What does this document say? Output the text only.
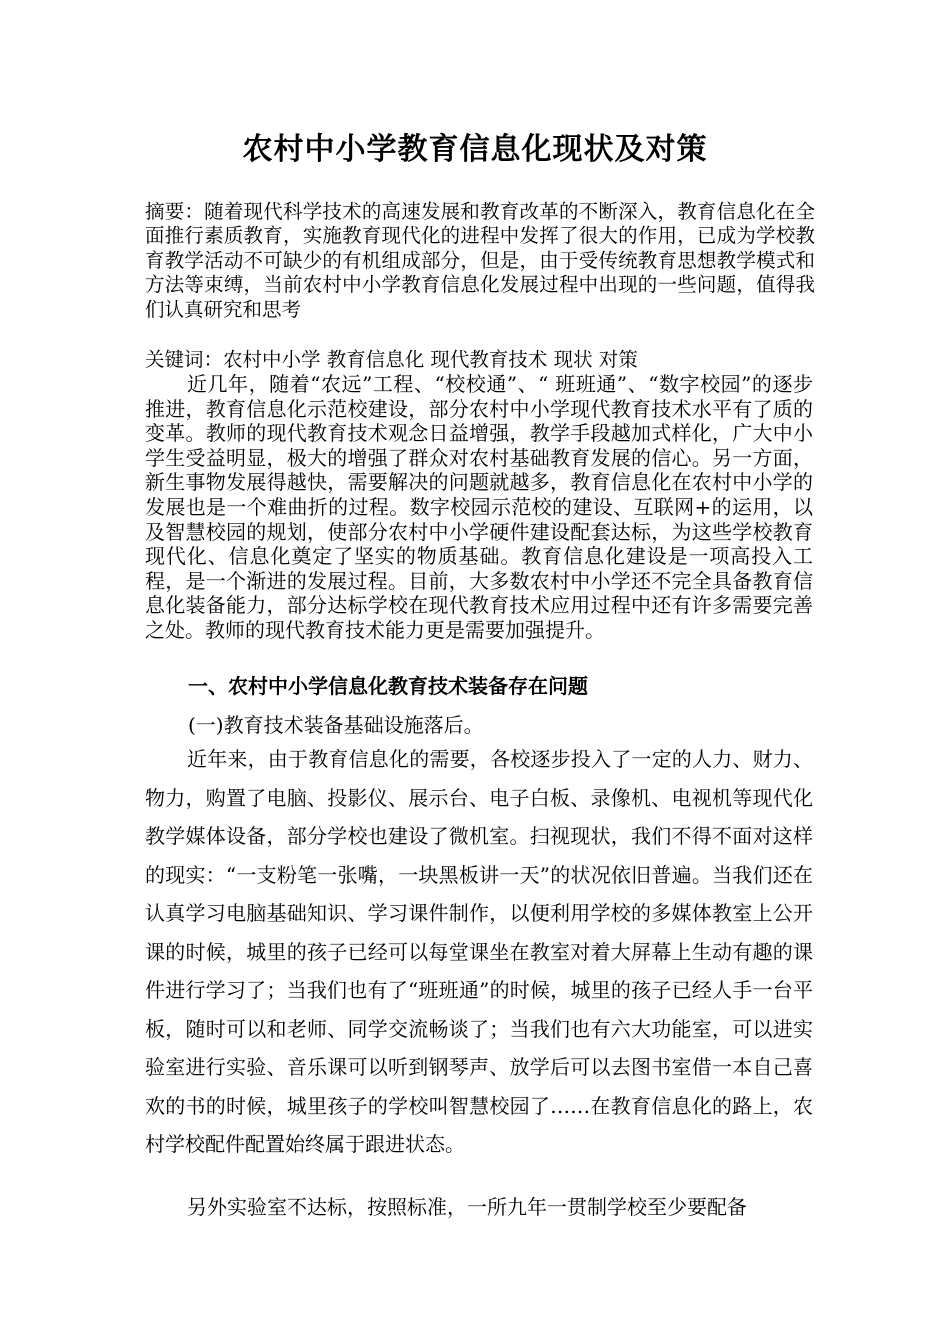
农村中小学教育信息化现状及对策
摘要：随着现代科学技术的高速发展和教育改革的不断深入，教育信息化在全面推行素质教育，实施教育现代化的进程中发挥了很大的作用，已成为学校教育教学活动不可缺少的有机组成部分，但是，由于受传统教育思想教学模式和方法等束缚，当前农村中小学教育信息化发展过程中出现的一些问题，值得我们认真研究和思考
关键词：农村中小学 教育信息化 现代教育技术 现状 对策
近几年，随着“农远”工程、“校校通”、“ 班班通”、“数字校园”的逐步推进，教育信息化示范校建设，部分农村中小学现代教育技术水平有了质的变革。教师的现代教育技术观念日益增强，教学手段越加式样化，广大中小学生受益明显，极大的增强了群众对农村基础教育发展的信心。另一方面，新生事物发展得越快，需要解决的问题就越多，教育信息化在农村中小学的发展也是一个难曲折的过程。数字校园示范校的建设、互联网+的运用，以及智慧校园的规划，使部分农村中小学硬件建设配套达标，为这些学校教育现代化、信息化奠定了坚实的物质基础。教育信息化建设是一项高投入工程，是一个渐进的发展过程。目前，大多数农村中小学还不完全具备教育信息化装备能力，部分达标学校在现代教育技术应用过程中还有许多需要完善之处。教师的现代教育技术能力更是需要加强提升。
一、农村中小学信息化教育技术装备存在问题
(一)教育技术装备基础设施落后。
近年来，由于教育信息化的需要，各校逐步投入了一定的人力、财力、物力，购置了电脑、投影仪、展示台、电子白板、录像机、电视机等现代化教学媒体设备，部分学校也建设了微机室。扫视现状，我们不得不面对这样的现实：“一支粉笔一张嘴，一块黑板讲一天”的状况依旧普遍。当我们还在认真学习电脑基础知识、学习课件制作，以便利用学校的多媒体教室上公开课的时候，城里的孩子已经可以每堂课坐在教室对着大屏幕上生动有趣的课件进行学习了；当我们也有了“班班通”的时候，城里的孩子已经人手一台平板，随时可以和老师、同学交流畅谈了；当我们也有六大功能室，可以进实验室进行实验、音乐课可以听到钢琴声、放学后可以去图书室借一本自己喜欢的书的时候，城里孩子的学校叫智慧校园了……在教育信息化的路上，农村学校配件配置始终属于跟进状态。
另外实验室不达标，按照标准，一所九年一贯制学校至少要配备
